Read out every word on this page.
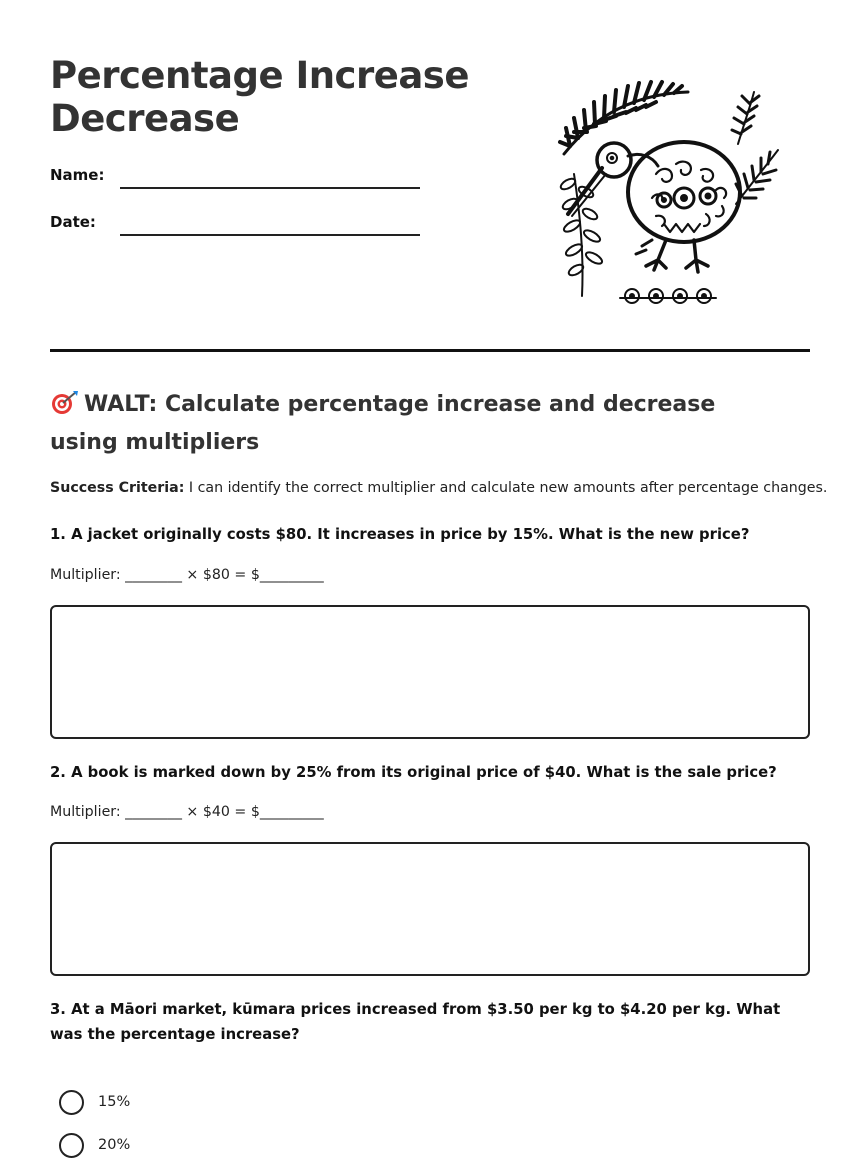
Percentage Increase Decrease
Name:
Date:
WALT: Calculate percentage increase and decrease using multipliers
Success Criteria: I can identify the correct multiplier and calculate new amounts after percentage changes.
1. A jacket originally costs $80. It increases in price by 15%. What is the new price?
Multiplier: ________ × $80 = $_________
2. A book is marked down by 25% from its original price of $40. What is the sale price?
Multiplier: ________ × $40 = $_________
3. At a Māori market, kūmara prices increased from $3.50 per kg to $4.20 per kg. What was the percentage increase?
15%
20%
